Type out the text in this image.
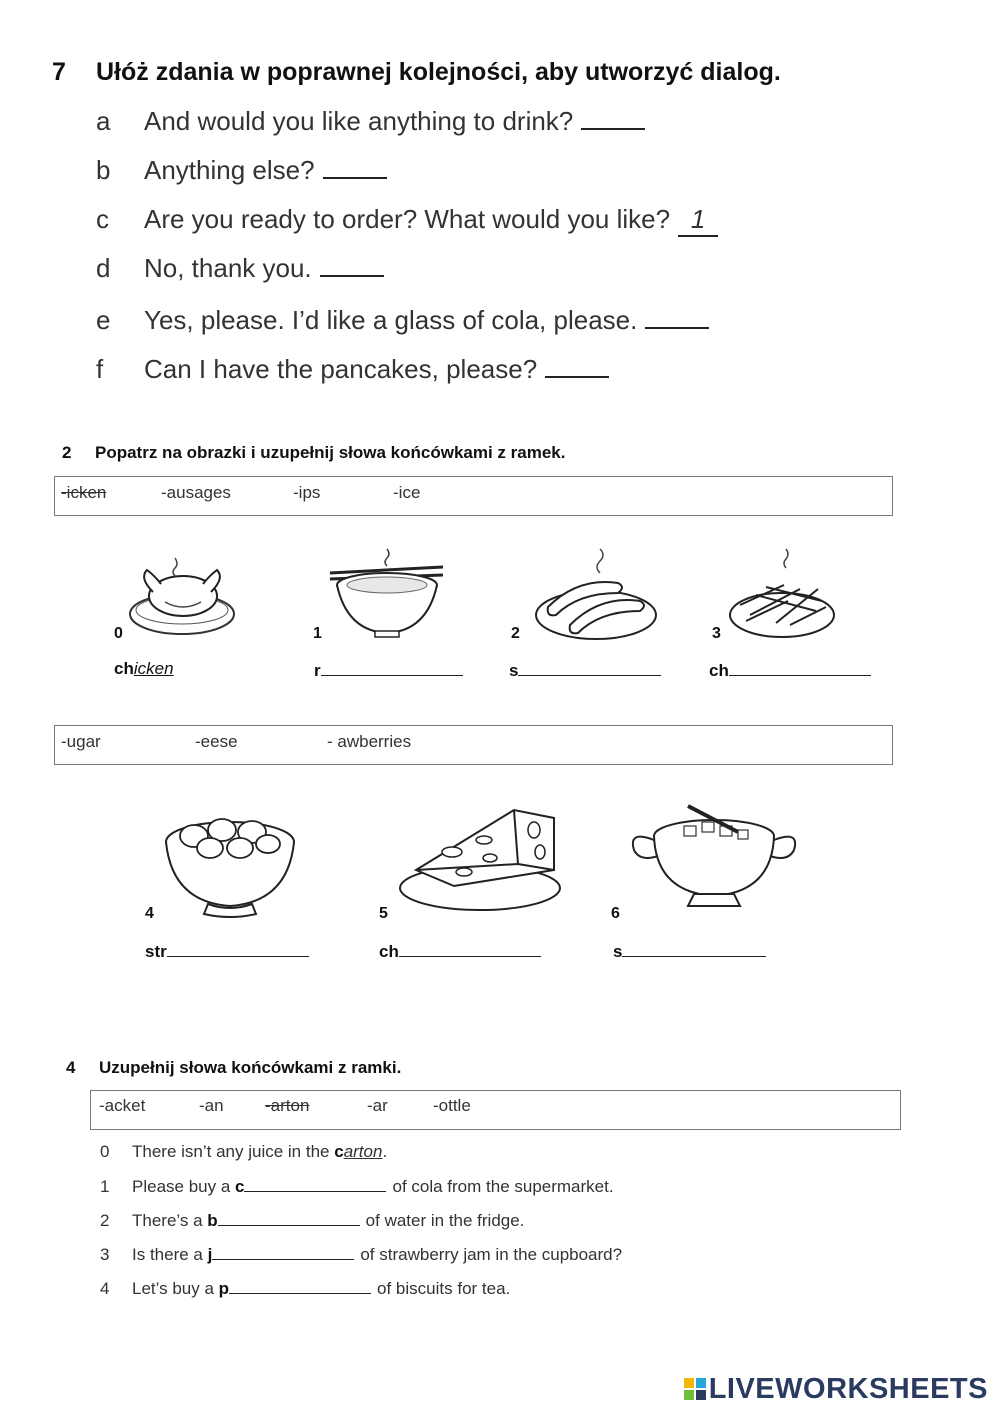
7 Ułóż zdania w poprawnej kolejności, aby utworzyć dialog.
a And would you like anything to drink?
b Anything else?
c Are you ready to order? What would you like? 1
d No, thank you.
e Yes, please. I’d like a glass of cola, please.
f Can I have the pancakes, please?
2 Popatrz na obrazki i uzupełnij słowa końcówkami z ramek.
-icken	-ausages	-ips	-ice
0
chicken
1
r
2
s
3
ch
-ugar	-eese	- awberries
4
str
5
ch
6
s
4 Uzupełnij słowa końcówkami z ramki.
-acket	-an -arton	-ar	-ottle
0 There isn’t any juice in the carton.
1 Please buy a c	of cola from the supermarket.
2 There’s a b	of water in the fridge.
3 Is there a j	of strawberry jam in the cupboard?
4 Let’s buy a p	of biscuits for tea.
LIVEWORKSHEETS
